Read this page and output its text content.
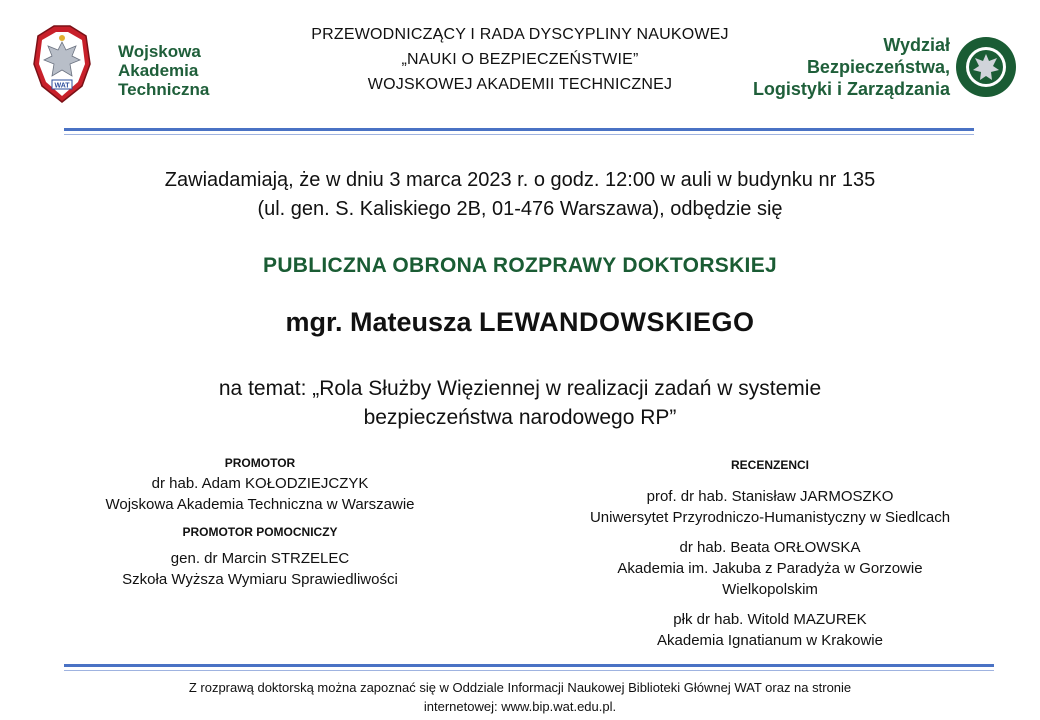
WAT
Wojskowa
Akademia
Techniczna
PRZEWODNICZĄCY I RADA DYSCYPLINY NAUKOWEJ
„NAUKI O BEZPIECZEŃSTWIE”
WOJSKOWEJ AKADEMII TECHNICZNEJ
Wydział
Bezpieczeństwa,
Logistyki i Zarządzania
Zawiadamiają, że w dniu 3 marca 2023 r. o godz. 12:00 w auli w budynku nr 135
(ul. gen. S. Kaliskiego 2B, 01-476 Warszawa), odbędzie się
PUBLICZNA OBRONA ROZPRAWY DOKTORSKIEJ
mgr. Mateusza LEWANDOWSKIEGO
na temat: „Rola Służby Więziennej w realizacji zadań w systemie
bezpieczeństwa narodowego RP”
PROMOTOR
dr hab. Adam KOŁODZIEJCZYK
Wojskowa Akademia Techniczna w Warszawie
PROMOTOR POMOCNICZY
gen. dr Marcin STRZELEC
Szkoła Wyższa Wymiaru Sprawiedliwości
RECENZENCI
prof. dr hab. Stanisław JARMOSZKO
Uniwersytet Przyrodniczo-Humanistyczny w Siedlcach
dr hab. Beata ORŁOWSKA
Akademia im. Jakuba z Paradyża w Gorzowie
Wielkopolskim
płk dr hab. Witold MAZUREK
Akademia Ignatianum w Krakowie
Z rozprawą doktorską można zapoznać się w Oddziale Informacji Naukowej Biblioteki Głównej WAT oraz na stronie
internetowej: www.bip.wat.edu.pl.
